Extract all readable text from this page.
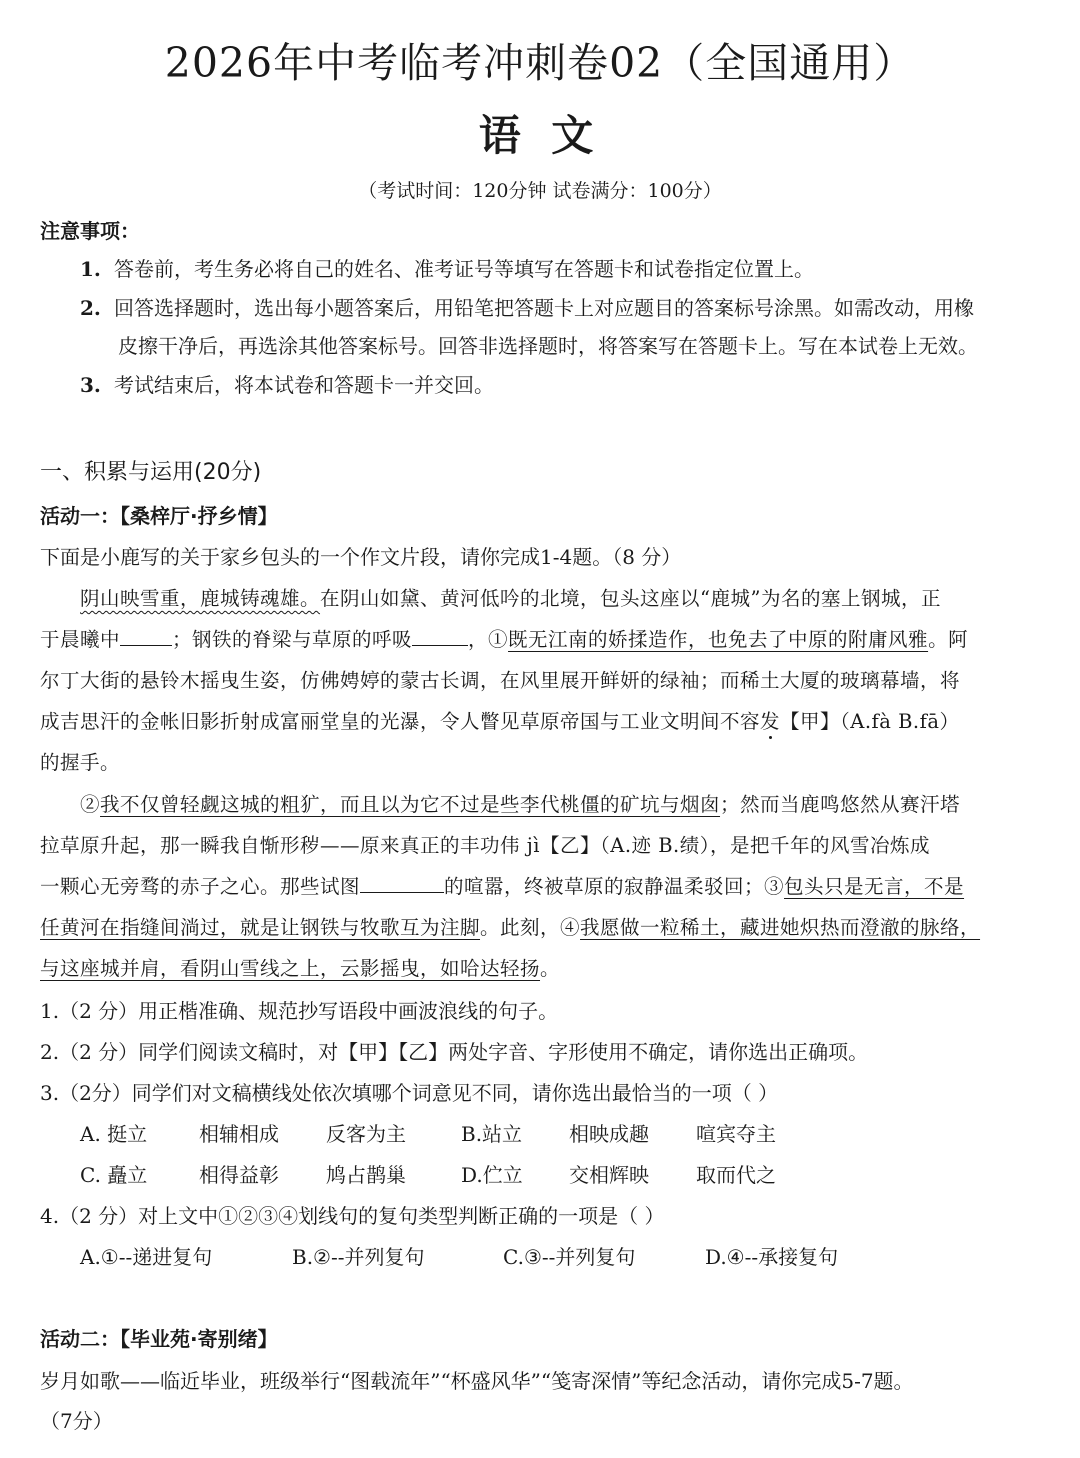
2026年中考临考冲刺卷02（全国通用）
语 文
（考试时间：120分钟 试卷满分：100分）
注意事项：
1. 答卷前，考生务必将自己的姓名、准考证号等填写在答题卡和试卷指定位置上。
2. 回答选择题时，选出每小题答案后，用铅笔把答题卡上对应题目的答案标号涂黑。如需改动，用橡
皮擦干净后，再选涂其他答案标号。回答非选择题时，将答案写在答题卡上。写在本试卷上无效。
3. 考试结束后，将本试卷和答题卡一并交回。
一、积累与运用(20分)
活动一：【桑梓厅·抒乡情】
下面是小鹿写的关于家乡包头的一个作文片段，请你完成1-4题。（8 分）
阴山映雪重，鹿城铸魂雄。在阴山如黛、黄河低吟的北境，包头这座以“鹿城”为名的塞上钢城，正
于晨曦中	；钢铁的脊梁与草原的呼吸	，①既无江南的娇揉造作，也免去了中原的附庸风雅。阿
尔丁大街的悬铃木摇曳生姿，仿佛娉婷的蒙古长调，在风里展开鲜妍的绿袖；而稀土大厦的玻璃幕墙，将
成吉思汗的金帐旧影折射成富丽堂皇的光瀑，令人瞥见草原帝国与工业文明间不容发【甲】（A.fà B.fā）
的握手。
②我不仅曾轻觑这城的粗犷，而且以为它不过是些李代桃僵的矿坑与烟囱；然而当鹿鸣悠然从赛汗塔
拉草原升起，那一瞬我自惭形秽——原来真正的丰功伟 jì【乙】（A.迹 B.绩），是把千年的风雪冶炼成
一颗心无旁骛的赤子之心。那些试图	的喧嚣，终被草原的寂静温柔驳回；③包头只是无言，不是
任黄河在指缝间淌过，就是让钢铁与牧歌互为注脚。此刻，④我愿做一粒稀土，藏进她炽热而澄澈的脉络，
与这座城并肩，看阴山雪线之上，云影摇曳，如哈达轻扬。
1.（2 分）用正楷准确、规范抄写语段中画波浪线的句子。
2.（2 分）同学们阅读文稿时，对【甲】【乙】两处字音、字形使用不确定，请你选出正确项。
3.（2分）同学们对文稿横线处依次填哪个词意见不同，请你选出最恰当的一项（ ）
A. 挺立	相辅相成 反客为主	B.站立 相映成趣 喧宾夺主
C. 矗立	相得益彰 鸠占鹊巢	D.伫立 交相辉映 取而代之
4.（2 分）对上文中①②③④划线句的复句类型判断正确的一项是（ ）
A.①--递进复句	B.②--并列复句	C.③--并列复句	D.④--承接复句
活动二：【毕业苑·寄别绪】
岁月如歌——临近毕业，班级举行“图载流年”“杯盛风华”“笺寄深情”等纪念活动，请你完成5-7题。
（7分）
